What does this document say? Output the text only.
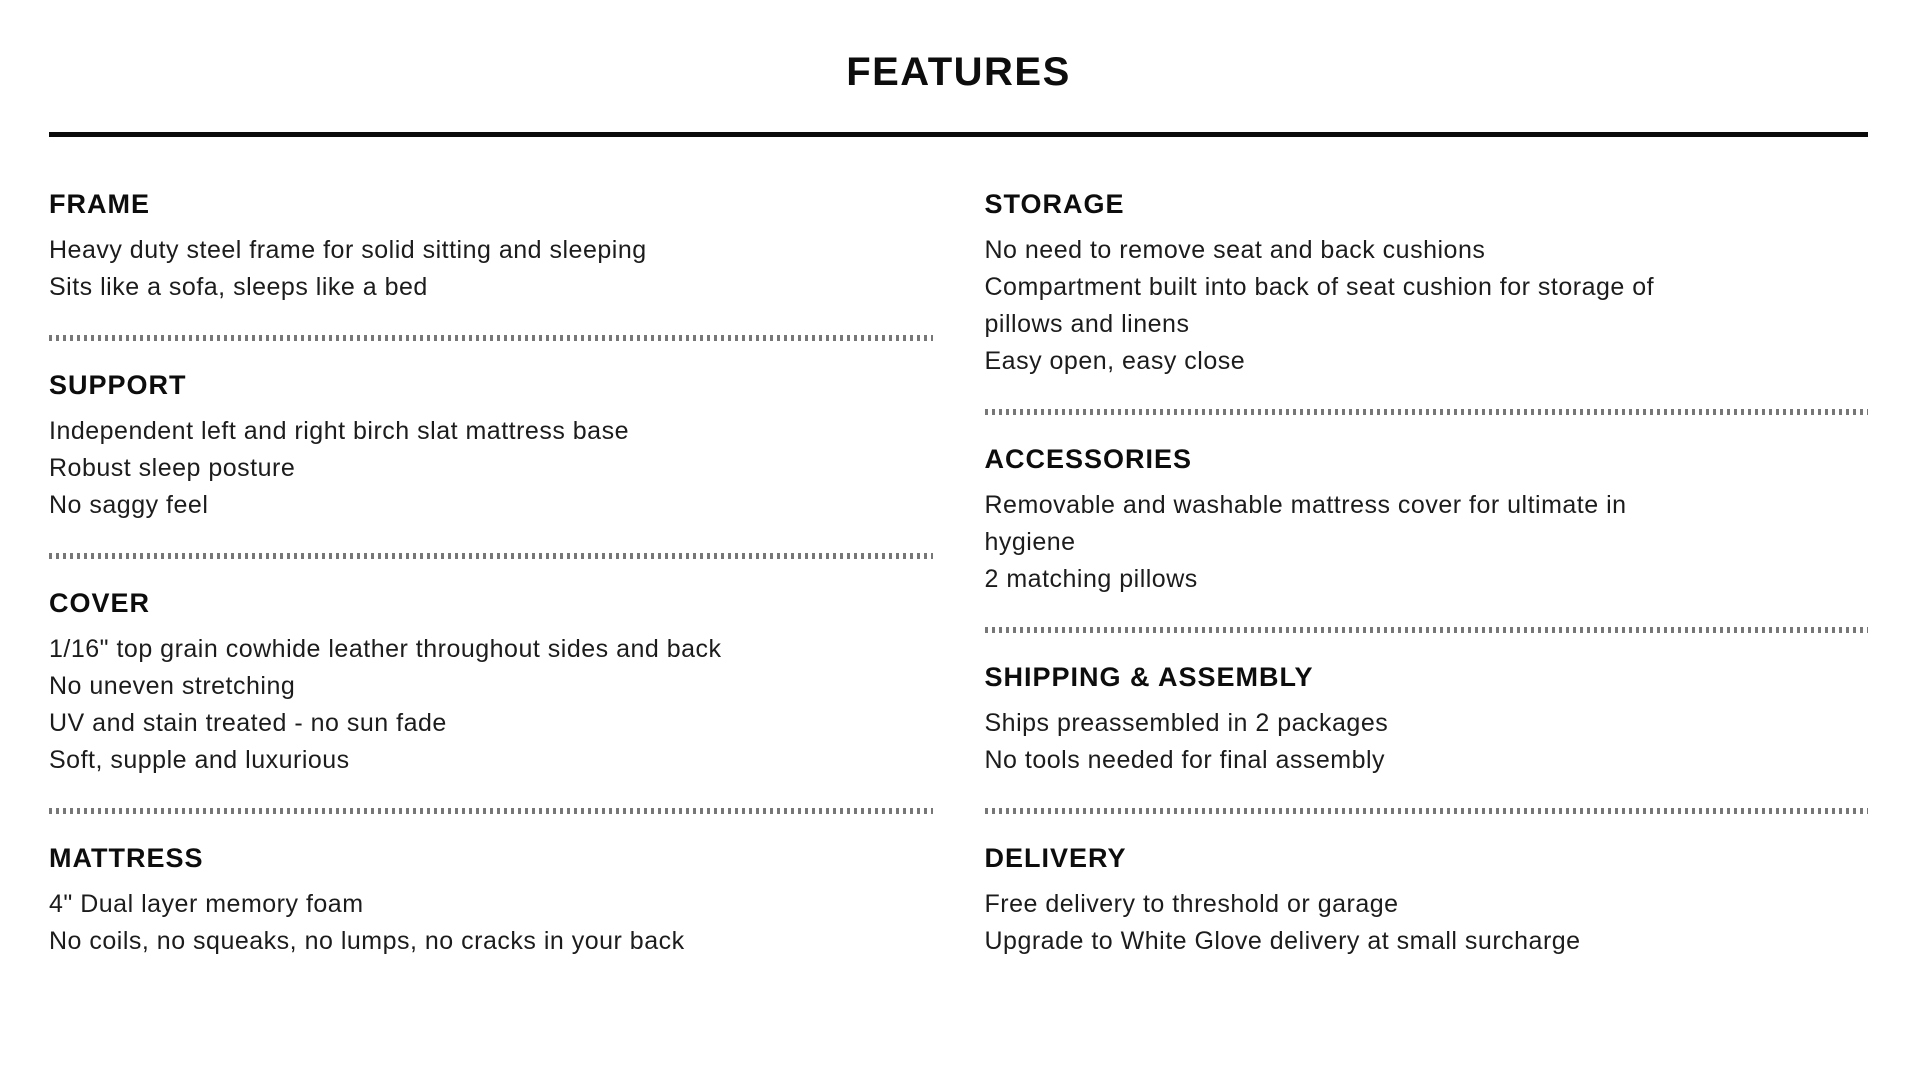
FEATURES
FRAME

Heavy duty steel frame for solid sitting and sleeping

Sits like a sofa, sleeps like a bed

SUPPORT

Independent left and right birch slat mattress base

Robust sleep posture

No saggy feel

COVER

1/16" top grain cowhide leather throughout sides and back

No uneven stretching

UV and stain treated - no sun fade

Soft, supple and luxurious

MATTRESS

4" Dual layer memory foam

No coils, no squeaks, no lumps, no cracks in your back

STORAGE

No need to remove seat and back cushions

Compartment built into back of seat cushion for storage of pillows and linens

Easy open, easy close

ACCESSORIES

Removable and washable mattress cover for ultimate in hygiene

2 matching pillows

SHIPPING & ASSEMBLY

Ships preassembled in 2 packages

No tools needed for final assembly

DELIVERY

Free delivery to threshold or garage

Upgrade to White Glove delivery at small surcharge
